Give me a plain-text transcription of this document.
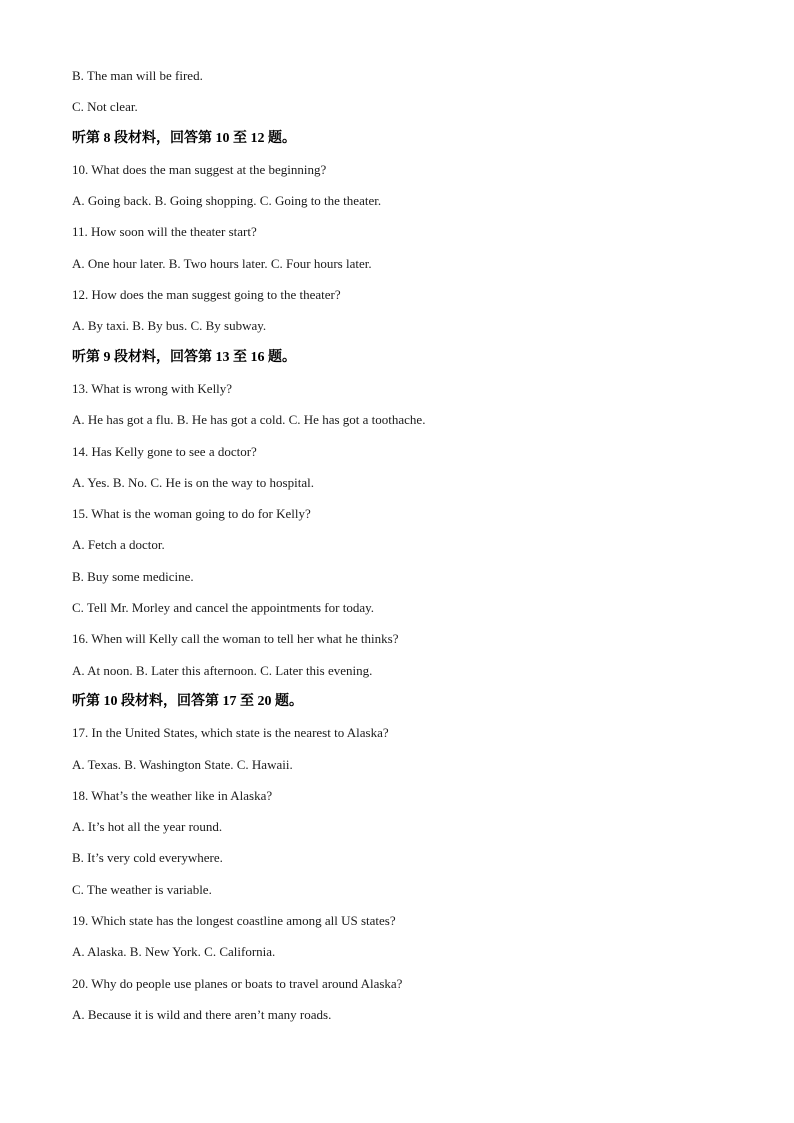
B. The man will be fired.
C. Not clear.
听第 8 段材料，回答第 10 至 12 题。
10. What does the man suggest at the beginning?
A. Going back. B. Going shopping. C. Going to the theater.
11. How soon will the theater start?
A. One hour later. B. Two hours later. C. Four hours later.
12. How does the man suggest going to the theater?
A. By taxi. B. By bus. C. By subway.
听第 9 段材料，回答第 13 至 16 题。
13. What is wrong with Kelly?
A. He has got a flu. B. He has got a cold. C. He has got a toothache.
14. Has Kelly gone to see a doctor?
A. Yes. B. No. C. He is on the way to hospital.
15. What is the woman going to do for Kelly?
A. Fetch a doctor.
B. Buy some medicine.
C. Tell Mr. Morley and cancel the appointments for today.
16. When will Kelly call the woman to tell her what he thinks?
A. At noon. B. Later this afternoon. C. Later this evening.
听第 10 段材料，回答第 17 至 20 题。
17. In the United States, which state is the nearest to Alaska?
A. Texas. B. Washington State. C. Hawaii.
18. What’s the weather like in Alaska?
A. It’s hot all the year round.
B. It’s very cold everywhere.
C. The weather is variable.
19. Which state has the longest coastline among all US states?
A. Alaska. B. New York. C. California.
20. Why do people use planes or boats to travel around Alaska?
A. Because it is wild and there aren’t many roads.
